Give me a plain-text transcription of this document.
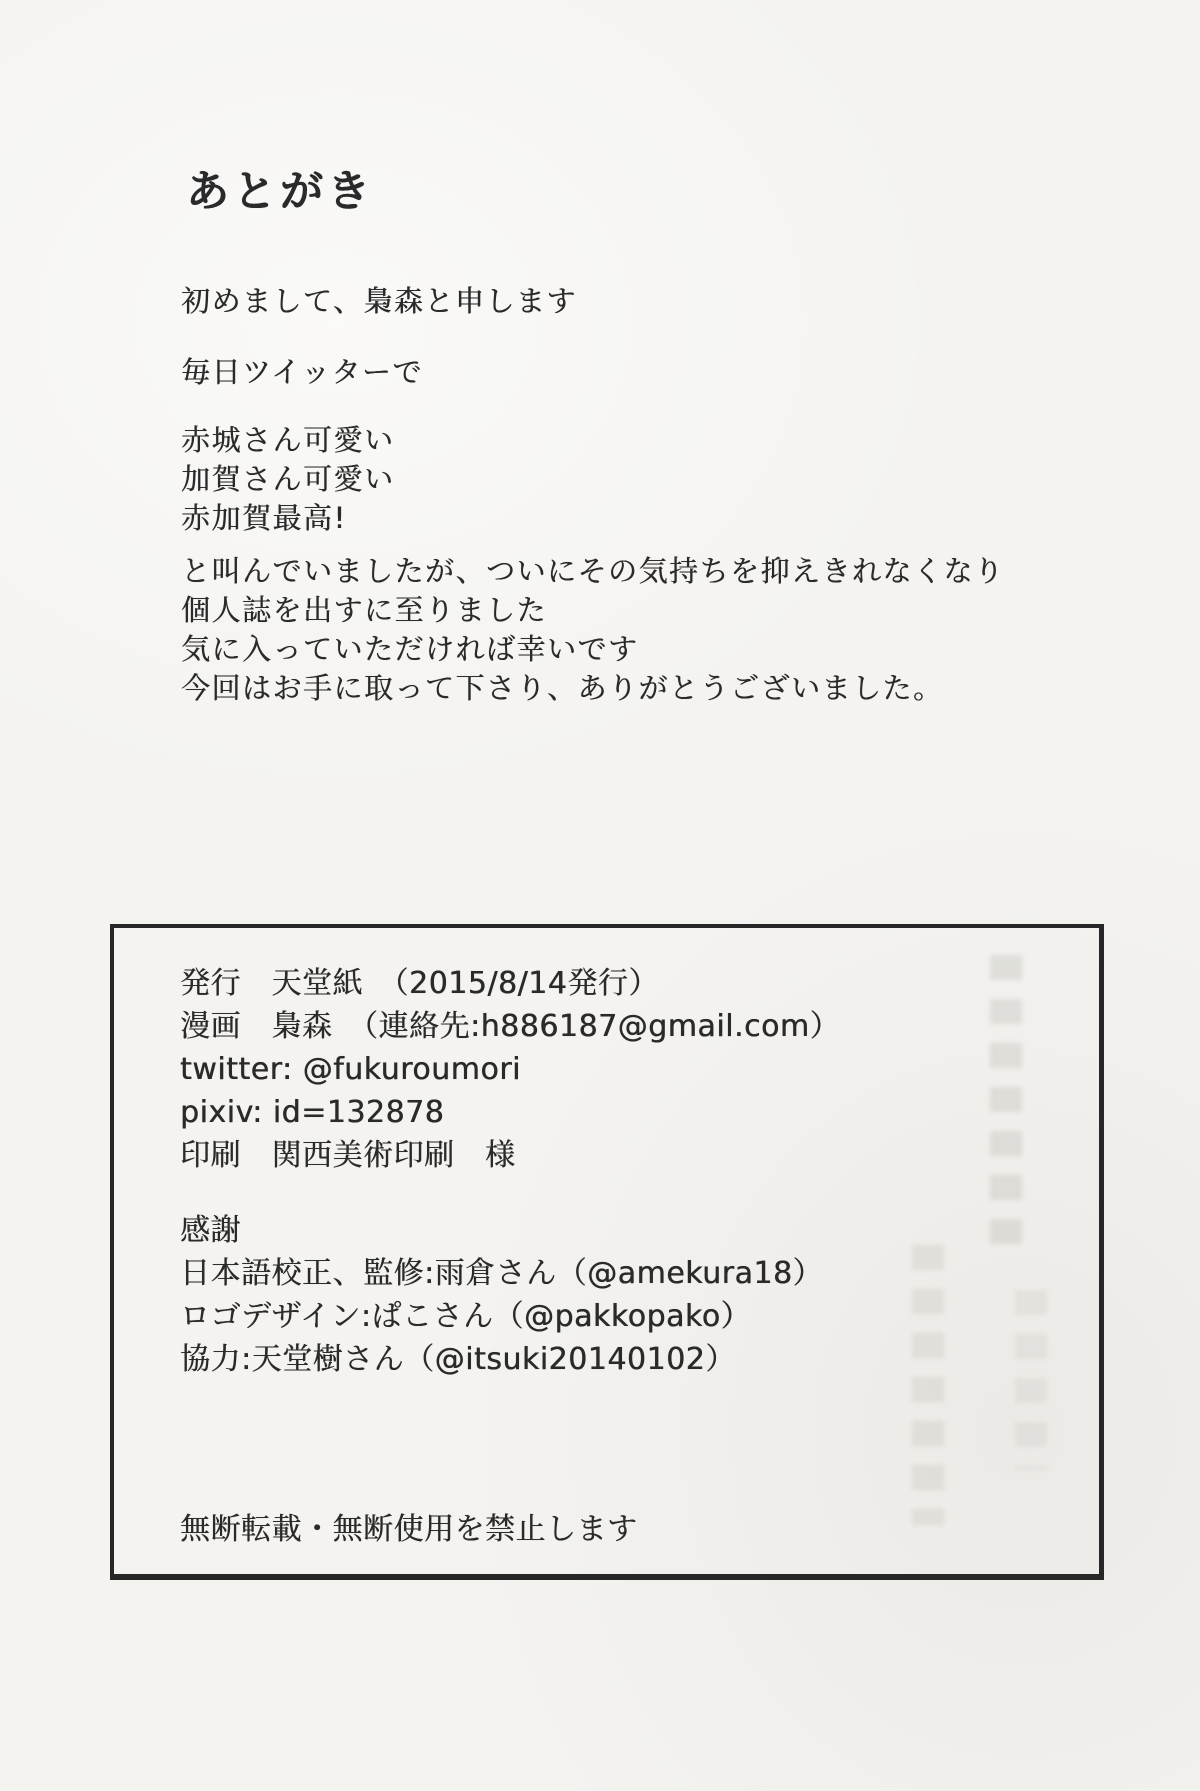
あとがき
初めまして、梟森と申します
毎日ツイッターで
赤城さん可愛い
加賀さん可愛い
赤加賀最高!
と叫んでいましたが、ついにその気持ちを抑えきれなくなり
個人誌を出すに至りました
気に入っていただければ幸いです
今回はお手に取って下さり、ありがとうございました。
発行　天堂紙　（2015/8/14発行）
漫画　梟森　（連絡先:h886187@gmail.com）
twitter: @fukuroumori
pixiv: id=132878
印刷　関西美術印刷　様
感謝
日本語校正、監修:雨倉さん（@amekura18）
ロゴデザイン:ぱこさん（@pakkopako）
協力:天堂樹さん（@itsuki20140102）
無断転載・無断使用を禁止します
